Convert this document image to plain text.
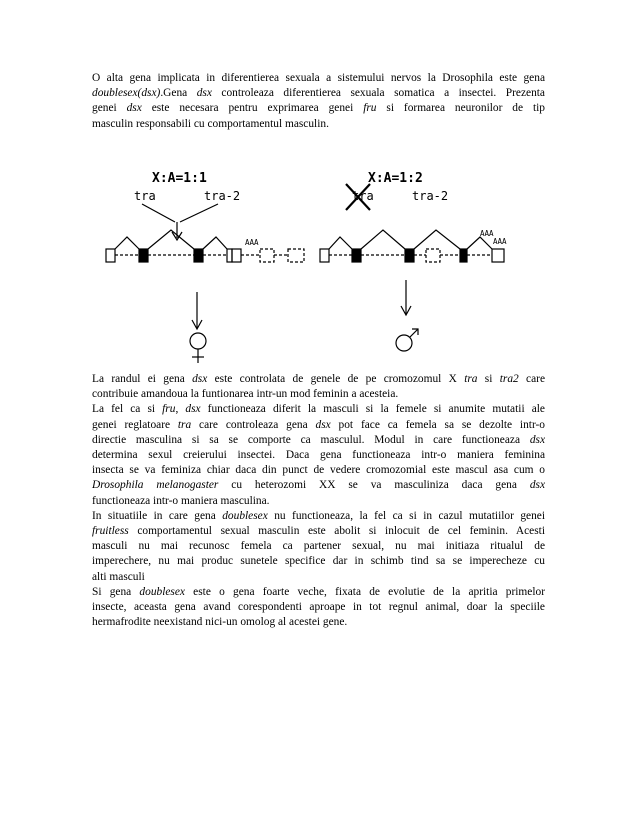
O alta gena implicata in diferentierea sexuala a sistemului nervos la Drosophila este gena
doublesex(dsx).Gena dsx controleaza diferentierea sexuala somatica a insectei. Prezenta
genei dsx este necesara pentru exprimarea genei fru si formarea neuronilor de tip
masculin responsabili cu comportamentul masculin.
X:A=1:1
tra	tra-2
AAA
X:A=1:2
tra	tra-2
AAA
AAA
La randul ei gena dsx este controlata de genele de pe cromozomul X tra si tra2 care
contribuie amandoua la funtionarea intr-un mod feminin a acesteia.
La fel ca si fru, dsx functioneaza diferit la masculi si la femele si anumite mutatii ale
genei reglatoare tra care controleaza gena dsx pot face ca femela sa se dezolte intr-o
directie masculina si sa se comporte ca masculul. Modul in care functioneaza dsx
determina sexul creierului insectei. Daca gena functioneaza intr-o maniera feminina
insecta se va feminiza chiar daca din punct de vedere cromozomial este mascul asa cum o
Drosophila melanogaster cu heterozomi XX se va masculiniza daca gena dsx
functioneaza intr-o maniera masculina.
In situatiile in care gena doublesex nu functioneaza, la fel ca si in cazul mutatiilor genei
fruitless comportamentul sexual masculin este abolit si inlocuit de cel feminin. Acesti
masculi nu mai recunosc femela ca partener sexual, nu mai initiaza ritualul de
imperechere, nu mai produc sunetele specifice dar in schimb tind sa se imperecheze cu
alti masculi
Si gena doublesex este o gena foarte veche, fixata de evolutie de la apritia primelor
insecte, aceasta gena avand corespondenti aproape in tot regnul animal, doar la speciile
hermafrodite neexistand nici-un omolog al acestei gene.
